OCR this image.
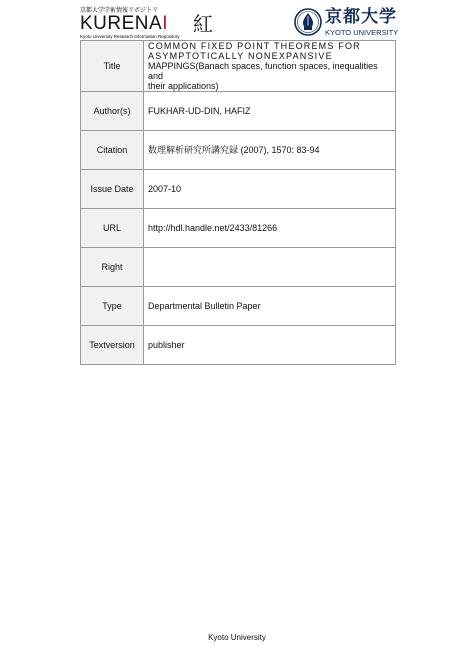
京都大学学術情報リポジトリ
KURENAI 紅
Kyoto University Research Information Repository
京都大学
KYOTO UNIVERSITY
Title	COMMON FIXED POINT THEOREMS FOR
ASYMPTOTICALLY NONEXPANSIVE
MAPPINGS(Banach spaces, function spaces, inequalities and
their applications)

Author(s)	FUKHAR-UD-DIN, HAFIZ
Citation	数理解析研究所講究録 (2007), 1570: 83-94
Issue Date	2007-10
URL	http://hdl.handle.net/2433/81266
Right	
Type	Departmental Bulletin Paper
Textversion	publisher
Kyoto University
